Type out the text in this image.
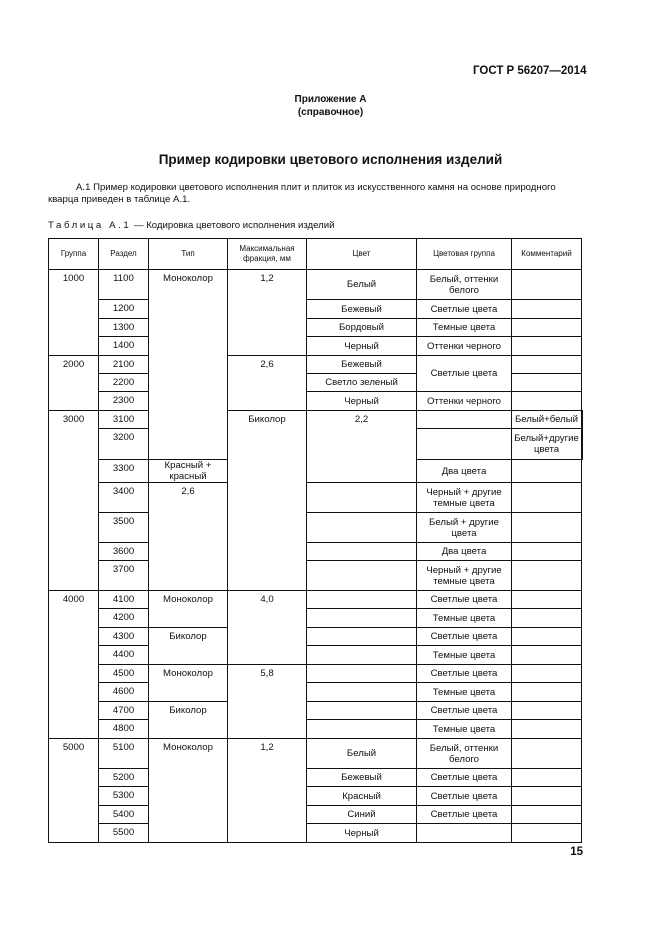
ГОСТ Р 56207—2014
Приложение А
(справочное)
Пример кодировки цветового исполнения изделий
А.1 Пример кодировки цветового исполнения плит и плиток из искусственного камня на основе природного кварца приведен в таблице А.1.
Таблица А.1 — Кодировка цветового исполнения изделий
Группа	Раздел	Тип	Максимальная фракция, мм	Цвет	Цветовая группа	Комментарий	
1000	1100	Моноколор	1,2	Белый	Белый, оттенки белого		
	1200			Бежевый	Светлые цвета		
	1300			Бордовый	Темные цвета		
	1400			Черный	Оттенки черного		
2000	2100		2,6	Бежевый	Светлые цвета		
	2200			Светло зеленый			
	2300			Черный	Оттенки черного		
3000	3100		Биколор	2,2		Белый+белый	
	3200					Белый+другие цвета	
	3300	Красный + красный			Два цвета		
	3400	2,6			Черный + другие темные цвета		
	3500				Белый + другие цвета		
	3600				Два цвета		
	3700				Черный + другие темные цвета		
4000	4100	Моноколор	4,0		Светлые цвета		
	4200				Темные цвета		
	4300	Биколор			Светлые цвета		
	4400				Темные цвета		
	4500	Моноколор	5,8		Светлые цвета		
	4600				Темные цвета		
	4700	Биколор			Светлые цвета		
	4800				Темные цвета		
5000	5100	Моноколор	1,2	Белый	Белый, оттенки белого		
	5200			Бежевый	Светлые цвета		
	5300			Красный	Светлые цвета		
	5400			Синий	Светлые цвета		
	5500			Черный			
15
